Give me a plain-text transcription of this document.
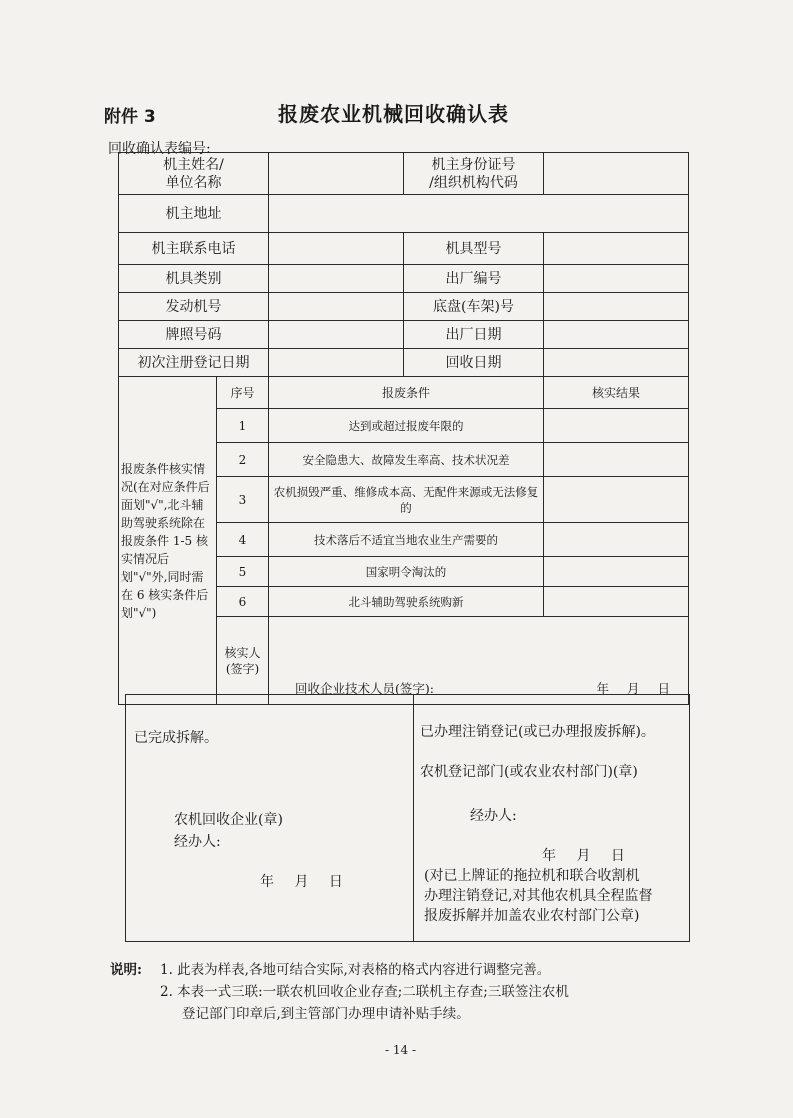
附件 3	报废农业机械回收确认表
回收确认表编号:
机主姓名/
单位名称			机主身份证号
/组织机构代码	
机主地址				
机主联系电话			机具型号	
机具类别			出厂编号	
发动机号			底盘(车架)号	
牌照号码			出厂日期	
初次注册登记日期			回收日期	
报废条件核实情况(在对应条件后面划"√",北斗辅助驾驶系统除在报废条件 1-5 核实情况后划"√"外,同时需在 6 核实条件后划"√")	序号	报废条件		核实结果
	1	达到或超过报废年限的		
	2	安全隐患大、故障发生率高、技术状况差		
	3	农机损毁严重、维修成本高、无配件来源或无法修复的		
	4	技术落后不适宜当地农业生产需要的		
	5	国家明令淘汰的		
	6	北斗辅助驾驶系统购新		
	核实人(签字)	回收企业技术人员(签字): 年 月 日		
已完成拆解。
农机回收企业(章)
经办人:
年 月 日
已办理注销登记(或已办理报废拆解)。
农机登记部门(或农业农村部门)(章)
经办人:
年 月 日
(对已上牌证的拖拉机和联合收割机
办理注销登记,对其他农机具全程监督
报废拆解并加盖农业农村部门公章)
说明: 1. 此表为样表,各地可结合实际,对表格的格式内容进行调整完善。
2. 本表一式三联:一联农机回收企业存查;二联机主存查;三联签注农机
登记部门印章后,到主管部门办理申请补贴手续。
- 14 -
